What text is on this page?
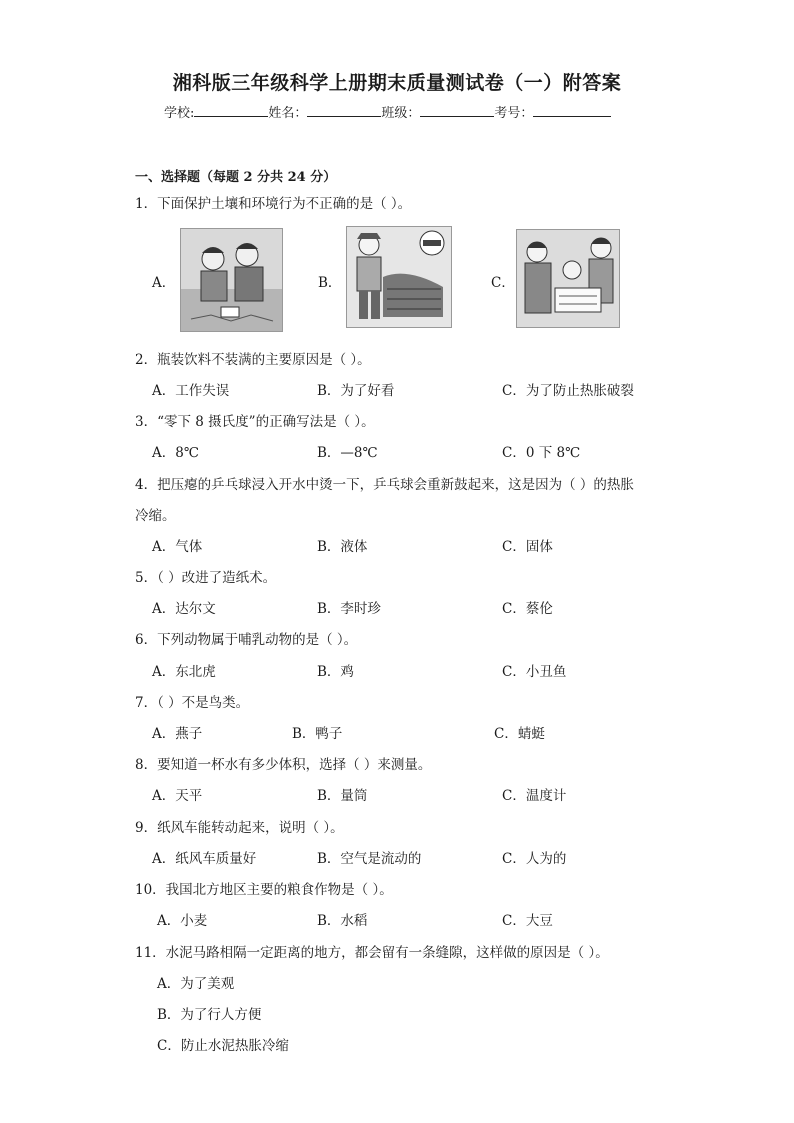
湘科版三年级科学上册期末质量测试卷（一）附答案
学校:	姓名：	班级：	考号：
一、选择题（每题 2 分共 24 分）
1．下面保护土壤和环境行为不正确的是（ ）。
A．	B．	C．
2．瓶装饮料不装满的主要原因是（ ）。
A．工作失误	B．为了好看	C．为了防止热胀破裂
3．“零下 8 摄氏度”的正确写法是（ ）。
A．8℃	B．—8℃	C．0 下 8℃
4．把压瘪的乒乓球浸入开水中烫一下，乒乓球会重新鼓起来，这是因为（ ）的热胀
冷缩。
A．气体	B．液体	C．固体
5．（ ）改进了造纸术。
A．达尔文	B．李时珍	C．蔡伦
6．下列动物属于哺乳动物的是（ ）。
A．东北虎	B．鸡	C．小丑鱼
7．（ ）不是鸟类。
A．燕子	B．鸭子	C．蜻蜓
8．要知道一杯水有多少体积，选择（ ）来测量。
A．天平	B．量筒	C．温度计
9．纸风车能转动起来，说明（ ）。
A．纸风车质量好	B．空气是流动的	C．人为的
10．我国北方地区主要的粮食作物是（ ）。
A．小麦	B．水稻	C．大豆
11．水泥马路相隔一定距离的地方，都会留有一条缝隙，这样做的原因是（ ）。
A．为了美观
B．为了行人方便
C．防止水泥热胀冷缩
